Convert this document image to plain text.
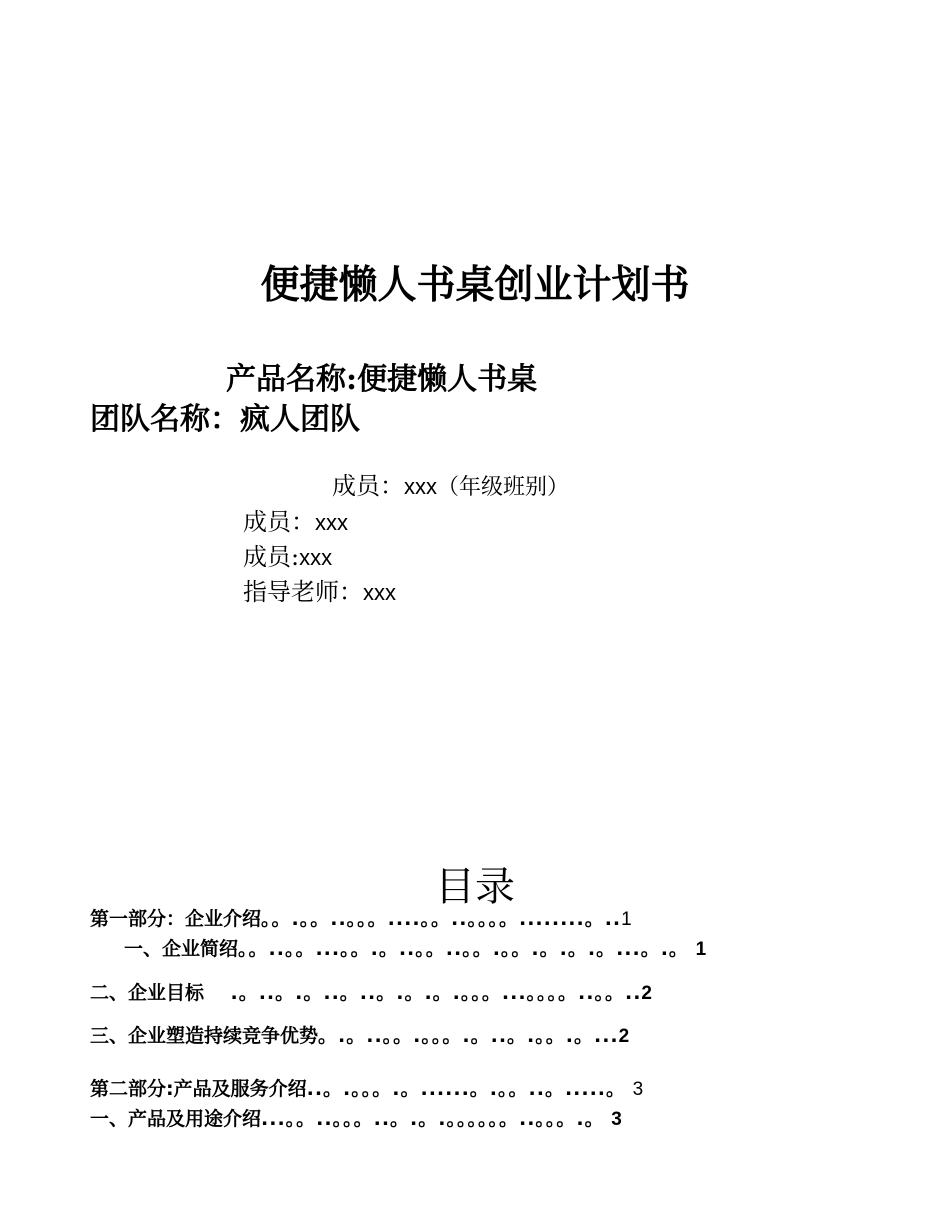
便捷懒人书桌创业计划书
产品名称:便捷懒人书桌
团队名称：疯人团队
成员：xxx（年级班别）
成员：xxx
成员:xxx
指导老师：xxx
目录
第一部分：企业介绍。。.。。..。。。....。。..。。。。........。..1
一、企业简绍。。..。。...。。.。..。。..。。.。。.。.。.。...。.。 1
二、企业目标 .。..。.。..。..。.。.。.。。。...。。。。..。。..2
三、企业塑造持续竞争优势。.。..。。.。。。.。..。.。。.。...2
第二部分:产品及服务介绍..。.。。。.。......。.。。..。.....。 3
一、产品及用途介绍...。。..。。。..。.。.。。。。。。..。。。.。 3
